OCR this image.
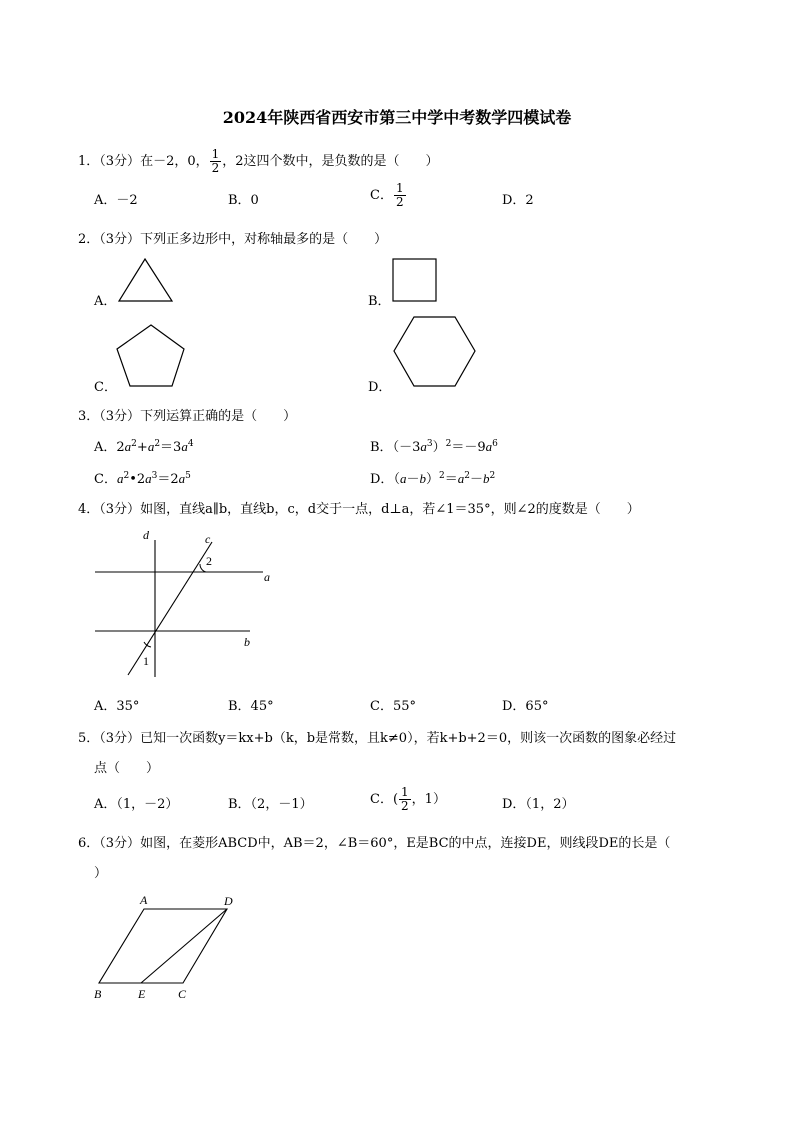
2024年陕西省西安市第三中学中考数学四模试卷
1．（3分）在－2，0， $\frac{1}{2}$ ，2这四个数中，是负数的是（　　）
A．－2	B．0	C． $\frac{1}{2}$	D．2
2．（3分）下列正多边形中，对称轴最多的是（　　）
A．	B．
C．	D．
3．（3分）下列运算正确的是（　　）
A．$2a^2+a^2=3a^4$	B．$(-3a^3)^2=-9a^6$
C．$a^2•2a^3=2a^5$	D．$(a-b)^2=a^2-b^2$
4．（3分）如图，直线a∥b，直线b，c，d交于一点，d⊥a，若∠1＝35°，则∠2的度数是（　　）
d	c
a
b
1
2
A．35°	B．45°	C．55°	D．65°
5．（3分）已知一次函数y＝kx+b（k，b是常数，且k≠0），若k+b+2＝0，则该一次函数的图象必经过
点（　　）
A．（1，－2）	B．（2，－1）	C．( $\frac{1}{2}$ ，1）	D．（1，2）
6．（3分）如图，在菱形ABCD中，AB＝2，∠B＝60°，E是BC的中点，连接DE，则线段DE的长是（
）
A	D
B	E	C
